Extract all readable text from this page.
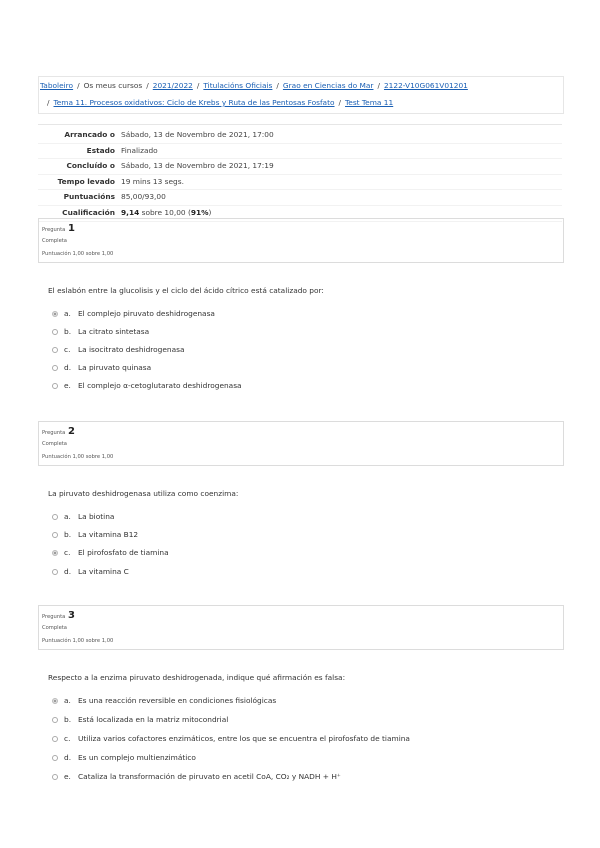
Taboleiro / Os meus cursos / 2021/2022 / Titulacións Oficiais / Grao en Ciencias do Mar / 2122-V10G061V01201
/ Tema 11. Procesos oxidativos: Ciclo de Krebs y Ruta de las Pentosas Fosfato / Test Tema 11
Arrancado o Sábado, 13 de Novembro de 2021, 17:00
Estado Finalizado
Concluído o Sábado, 13 de Novembro de 2021, 17:19
Tempo levado 19 mins 13 segs.
Puntuacións 85,00/93,00
Cualificación 9,14 sobre 10,00 (91%)
Pregunta 1
Completa
Puntuación 1,00 sobre 1,00
El eslabón entre la glucolisis y el ciclo del ácido cítrico está catalizado por:
a. El complejo piruvato deshidrogenasa
b. La citrato sintetasa
c.	La isocitrato deshidrogenasa
d. La piruvato quinasa
e. El complejo α-cetoglutarato deshidrogenasa
Pregunta 2
Completa
Puntuación 1,00 sobre 1,00
La piruvato deshidrogenasa utiliza como coenzima:
a. La biotina
b. La vitamina B12
c.	El pirofosfato de tiamina
d. La vitamina C
Pregunta 3
Completa
Puntuación 1,00 sobre 1,00
Respecto a la enzima piruvato deshidrogenada, indique qué afirmación es falsa:
a. Es una reacción reversible en condiciones fisiológicas
b. Está localizada en la matriz mitocondrial
c.	Utiliza varios cofactores enzimáticos, entre los que se encuentra el pirofosfato de tiamina
d. Es un complejo multienzimático
e. Cataliza la transformación de piruvato en acetil CoA, CO₂ y NADH + H⁺
